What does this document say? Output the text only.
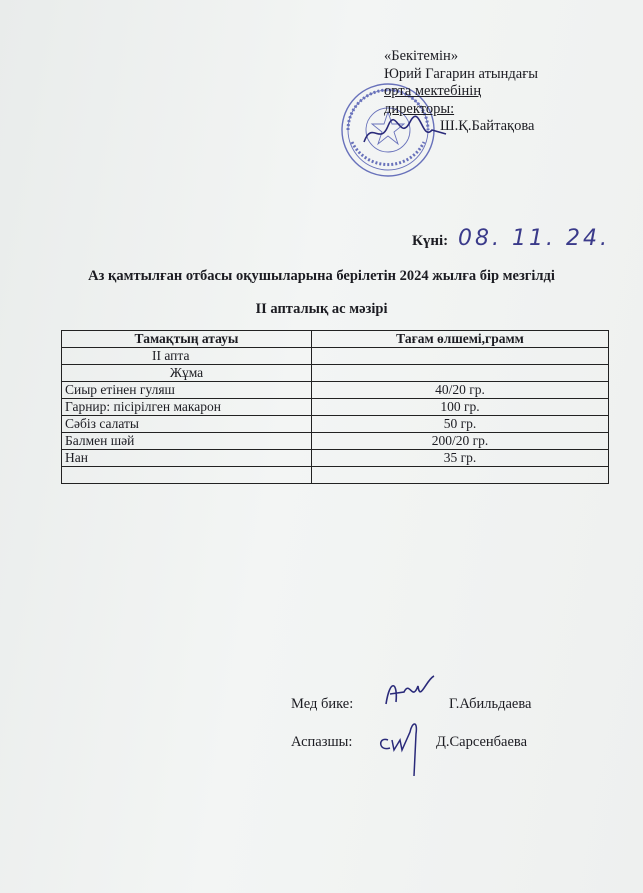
«Бекітемін»
Юрий Гагарин атындағы
орта мектебінің
директоры:
Ш.Қ.Байтақова
Күні: 08. 11. 24.
Аз қамтылған отбасы оқушыларына берілетін 2024 жылға бір мезгілді
II апталық ас мәзірі
Тамақтың атауы	Тағам өлшемі,грамм
II апта	
Жұма	
Сиыр етінен гуляш	40/20 гр.
Гарнир: пісірілген макарон	100 гр.
Сәбіз салаты	50 гр.
Балмен шәй	200/20 гр.
Нан	35 гр.

Мед бике:	Г.Абильдаева
Аспазшы:	Д.Сарсенбаева
